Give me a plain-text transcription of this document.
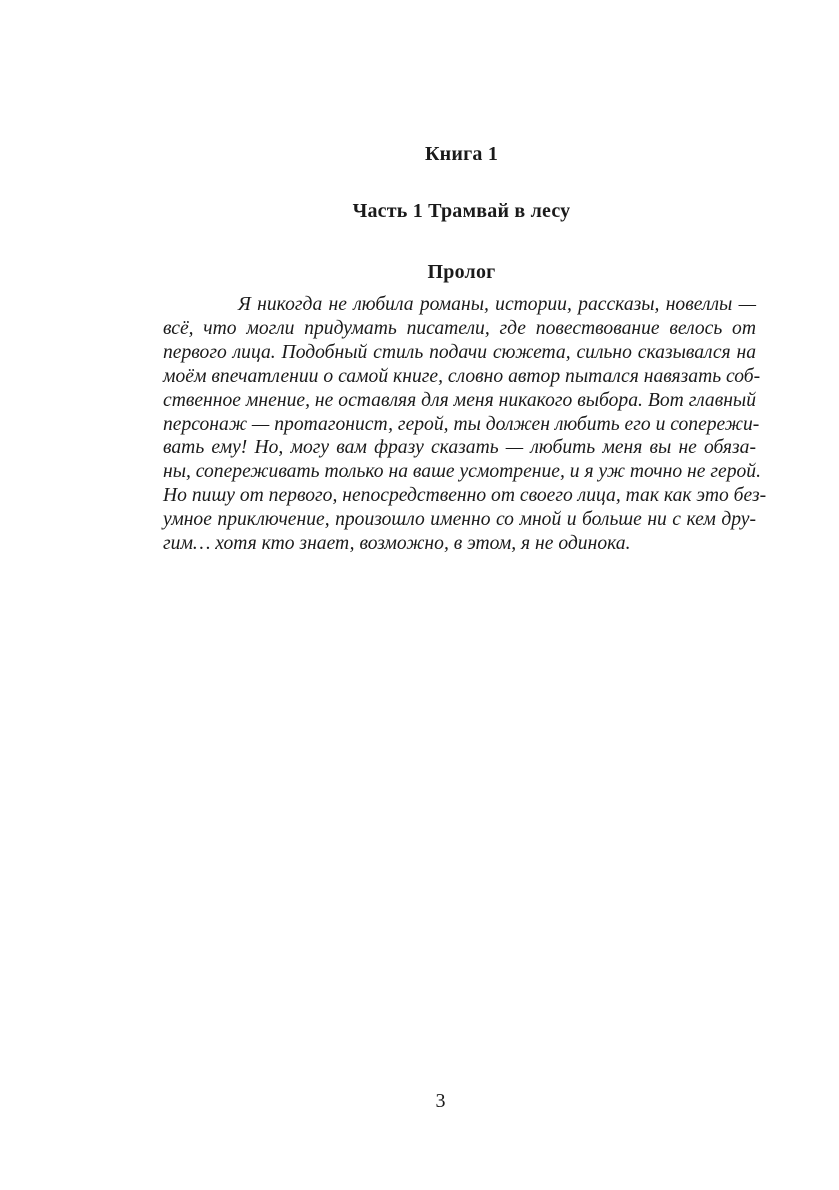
Книга 1
Часть 1 Трамвай в лесу
Пролог
Я никогда не любила романы, истории, рассказы, новеллы —
всё, что могли придумать писатели, где повествование велось от
первого лица. Подобный стиль подачи сюжета, сильно сказывался на
моём впечатлении о самой книге, словно автор пытался навязать соб-
ственное мнение, не оставляя для меня никакого выбора. Вот главный
персонаж — протагонист, герой, ты должен любить его и сопережи-
вать ему! Но, могу вам фразу сказать — любить меня вы не обяза-
ны, сопереживать только на ваше усмотрение, и я уж точно не герой.
Но пишу от первого, непосредственно от своего лица, так как это без-
умное приключение, произошло именно со мной и больше ни с кем дру-
гим… хотя кто знает, возможно, в этом, я не одинока.
3
